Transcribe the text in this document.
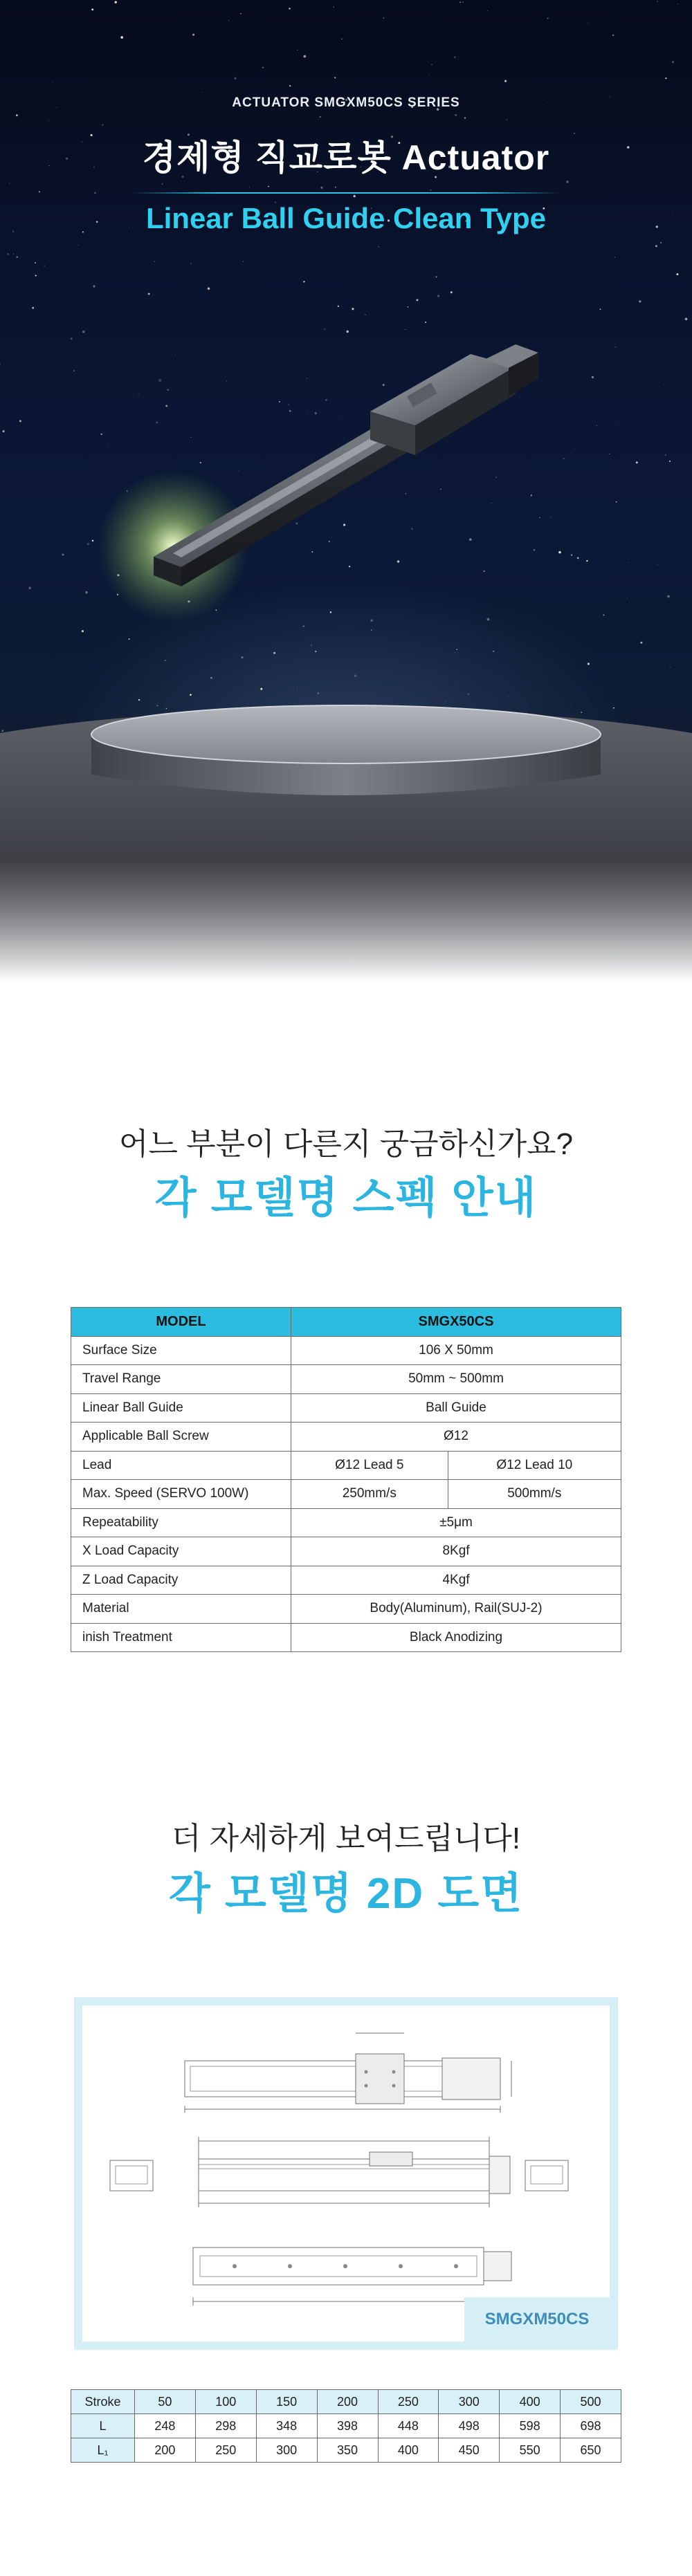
ACTUATOR SMGXM50CS SERIES
경제형 직교로봇 Actuator
Linear Ball Guide Clean Type
어느 부분이 다른지 궁금하신가요?
각 모델명 스펙 안내
MODEL	SMGX50CS	
Surface Size	106 X 50mm	
Travel Range	50mm ~ 500mm	
Linear Ball Guide	Ball Guide	
Applicable Ball Screw	Ø12	
Lead	Ø12 Lead 5	Ø12 Lead 10
Max. Speed (SERVO 100W)	250mm/s	500mm/s
Repeatability	±5μm	
X Load Capacity	8Kgf	
Z Load Capacity	4Kgf	
Material	Body(Aluminum), Rail(SUJ-2)	
inish Treatment	Black Anodizing	
더 자세하게 보여드립니다!
각 모델명 2D 도면
SMGXM50CS
Stroke	50	100	150	200	250	300	400	500
L	248	298	348	398	448	498	598	698
L₁	200	250	300	350	400	450	550	650
